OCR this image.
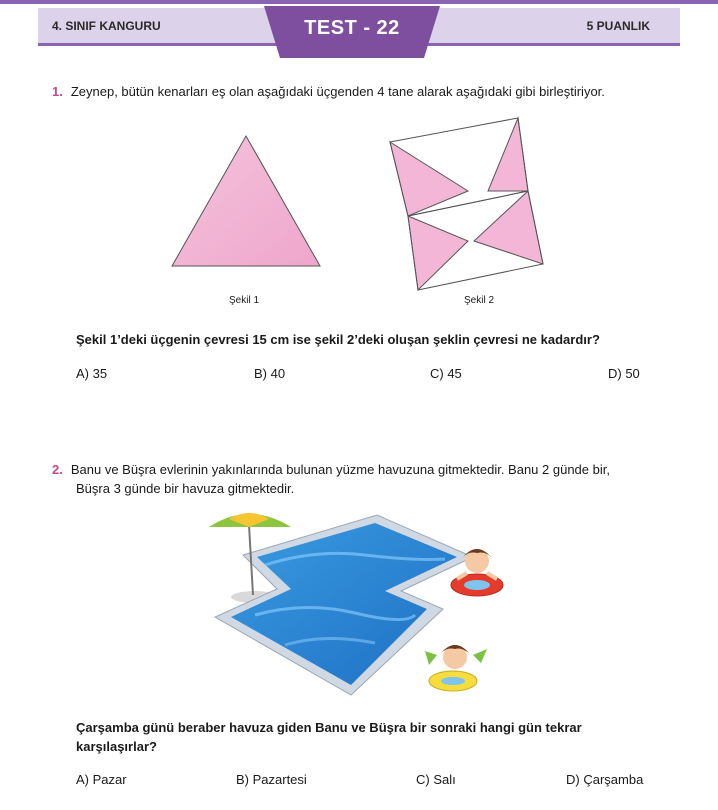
4. SINIF KANGURU	5 PUANLIK
TEST - 22
1. Zeynep, bütün kenarları eş olan aşağıdaki üçgenden 4 tane alarak aşağıdaki gibi birleştiriyor.
Şekil 1	Şekil 2
Şekil 1’deki üçgenin çevresi 15 cm ise şekil 2’deki oluşan şeklin çevresi ne kadardır?
A) 35	B) 40	C) 45	D) 50
2. Banu ve Büşra evlerinin yakınlarında bulunan yüzme havuzuna gitmektedir. Banu 2 günde bir,
Büşra 3 günde bir havuza gitmektedir.
Çarşamba günü beraber havuza giden Banu ve Büşra bir sonraki hangi gün tekrar
karşılaşırlar?
A) Pazar	B) Pazartesi	C) Salı	D) Çarşamba
